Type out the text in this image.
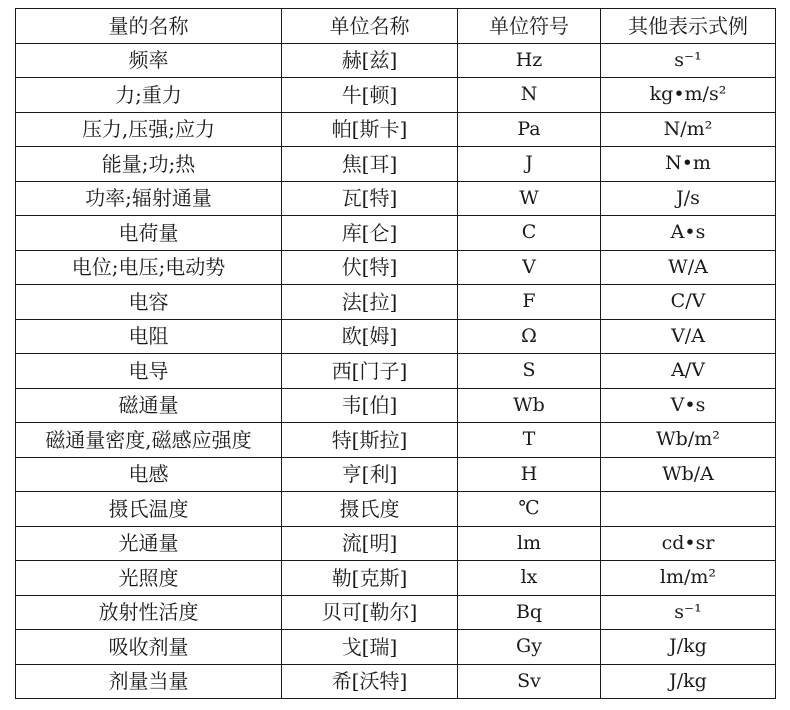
量的名称	单位名称	单位符号	其他表示式例
频率	赫[兹]	Hz	s⁻¹
力;重力	牛[顿]	N	kg•m/s²
压力,压强;应力	帕[斯卡]	Pa	N/m²
能量;功;热	焦[耳]	J	N•m
功率;辐射通量	瓦[特]	W	J/s
电荷量	库[仑]	C	A•s
电位;电压;电动势	伏[特]	V	W/A
电容	法[拉]	F	C/V
电阻	欧[姆]	Ω	V/A
电导	西[门子]	S	A/V
磁通量	韦[伯]	Wb	V•s
磁通量密度,磁感应强度	特[斯拉]	T	Wb/m²
电感	亨[利]	H	Wb/A
摄氏温度	摄氏度	℃	
光通量	流[明]	lm	cd•sr
光照度	勒[克斯]	lx	lm/m²
放射性活度	贝可[勒尔]	Bq	s⁻¹
吸收剂量	戈[瑞]	Gy	J/kg
剂量当量	希[沃特]	Sv	J/kg
